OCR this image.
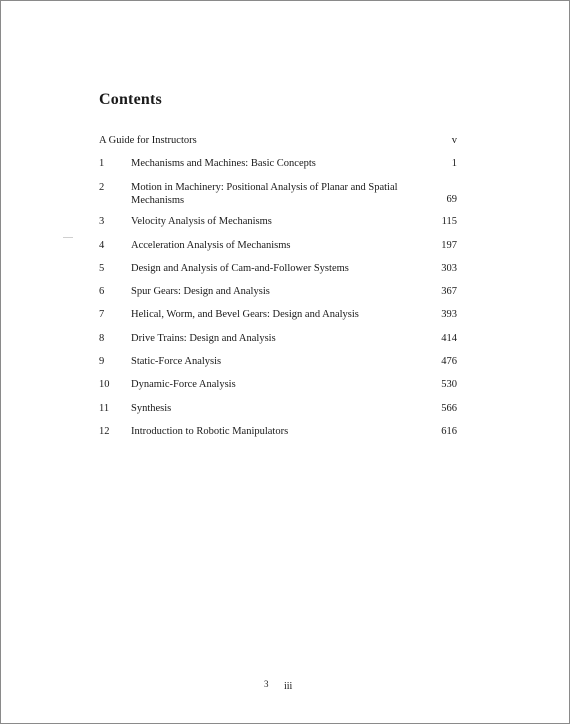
Contents
A Guide for Instructors	v
1	Mechanisms and Machines: Basic Concepts	1
2	Motion in Machinery: Positional Analysis of Planar and Spatial Mechanisms	69
3	Velocity Analysis of Mechanisms	115
4	Acceleration Analysis of Mechanisms	197
5	Design and Analysis of Cam-and-Follower Systems	303
6	Spur Gears: Design and Analysis	367
7	Helical, Worm, and Bevel Gears: Design and Analysis	393
8	Drive Trains: Design and Analysis	414
9	Static-Force Analysis	476
10 Dynamic-Force Analysis	530
11 Synthesis	566
12 Introduction to Robotic Manipulators	616
3 iii
